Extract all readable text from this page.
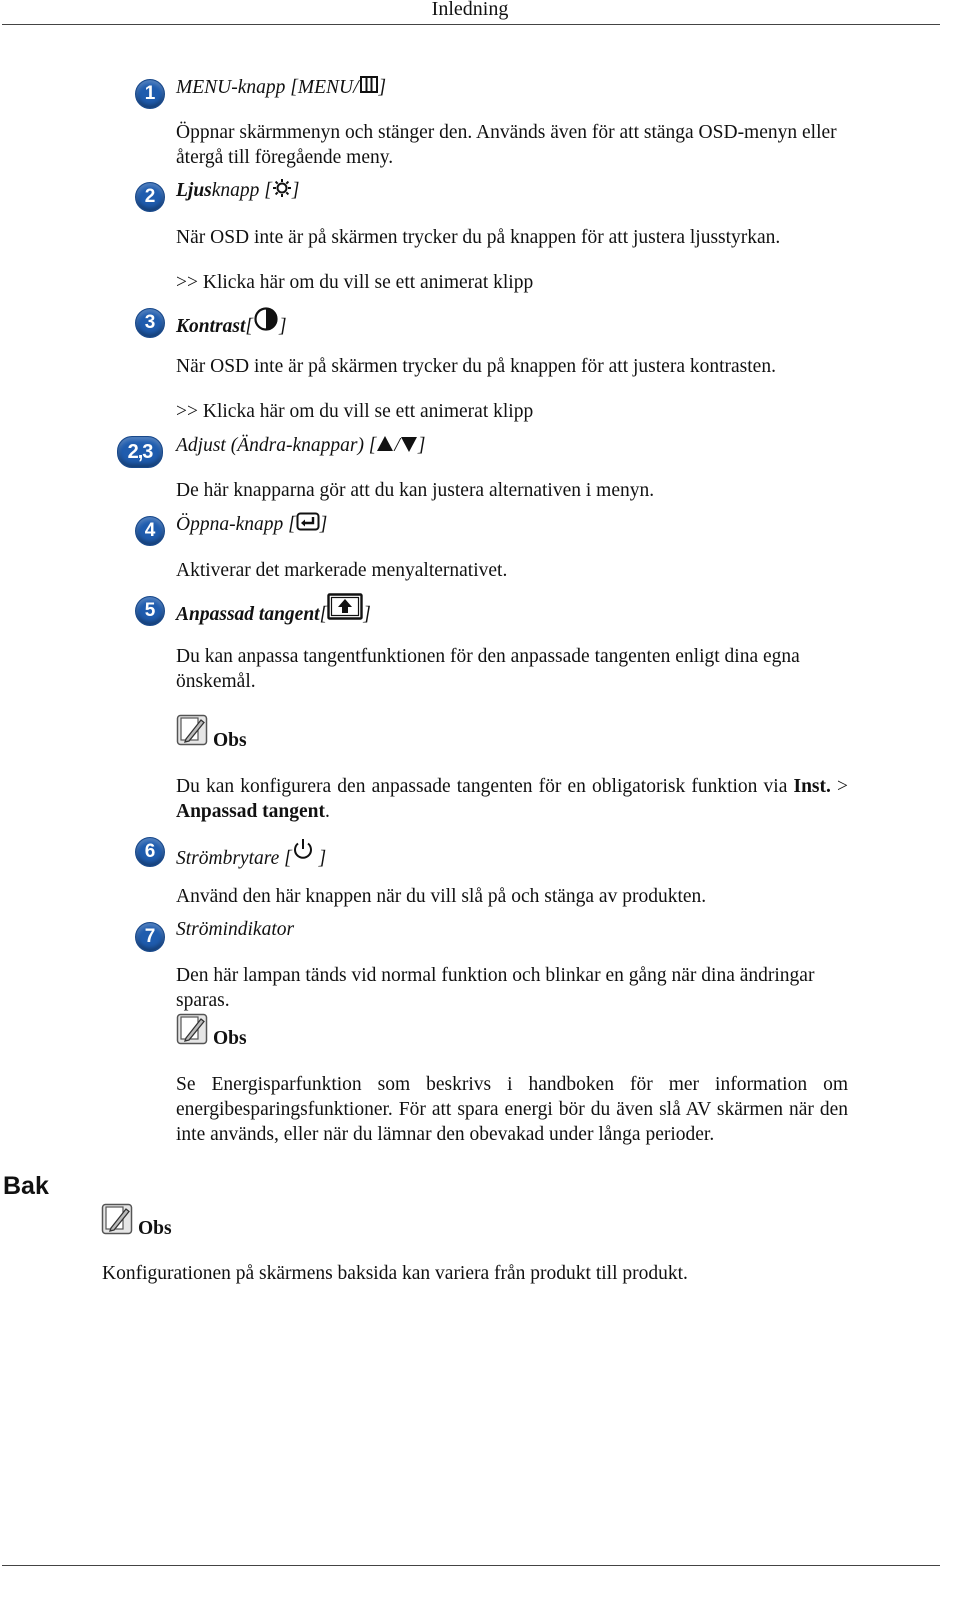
Inledning
1	MENU-knapp [MENU/ ]
Öppnar skärmmenyn och stänger den. Används även för att stänga OSD-menyn eller återgå till föregående meny.
2	Ljusknapp [ ]
När OSD inte är på skärmen trycker du på knappen för att justera ljusstyrkan.
>> Klicka här om du vill se ett animerat klipp
3	Kontrast[ ]
När OSD inte är på skärmen trycker du på knappen för att justera kontrasten.
>> Klicka här om du vill se ett animerat klipp
2,3	Adjust (Ändra-knappar) [ / ]
De här knapparna gör att du kan justera alternativen i menyn.
4	Öppna-knapp [ ]
Aktiverar det markerade menyalternativet.
5	Anpassad tangent[ ]
Du kan anpassa tangentfunktionen för den anpassade tangenten enligt dina egna önskemål.
Obs
Du kan konfigurera den anpassade tangenten för en obligatorisk funktion via Inst. > Anpassad tangent.
6	Strömbrytare [ ]
Använd den här knappen när du vill slå på och stänga av produkten.
7	Strömindikator
Den här lampan tänds vid normal funktion och blinkar en gång när dina ändringar sparas.
Obs
Se Energisparfunktion som beskrivs i handboken för mer information om energibesparingsfunktioner. För att spara energi bör du även slå AV skärmen när den inte används, eller när du lämnar den obevakad under långa perioder.
Bak
Obs
Konfigurationen på skärmens baksida kan variera från produkt till produkt.
